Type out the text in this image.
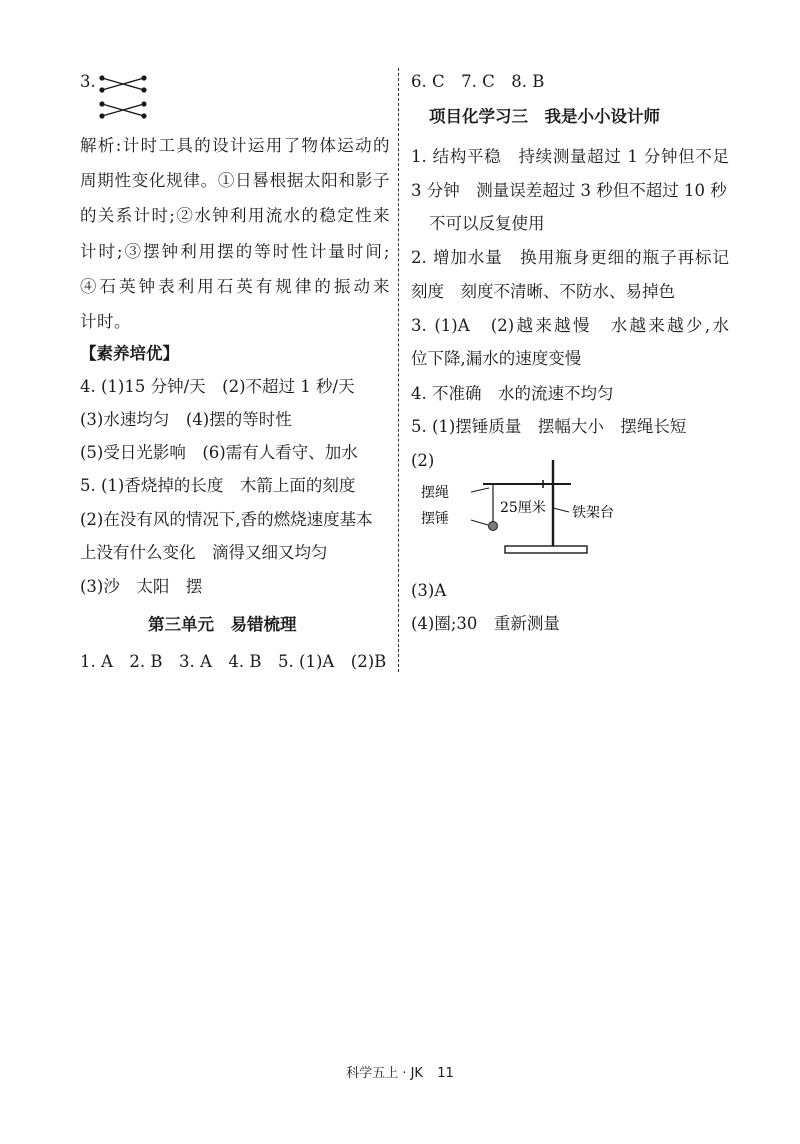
3.
解析:计时工具的设计运用了物体运动的
周期性变化规律。①日晷根据太阳和影子
的关系计时;②水钟利用流水的稳定性来
计时;③摆钟利用摆的等时性计量时间;
④石英钟表利用石英有规律的振动来
计时。
【素养培优】
4. (1)15 分钟/天　(2)不超过 1 秒/天
(3)水速均匀　(4)摆的等时性
(5)受日光影响　(6)需有人看守、加水
5. (1)香烧掉的长度　木箭上面的刻度
(2)在没有风的情况下,香的燃烧速度基本
上没有什么变化　滴得又细又均匀
(3)沙　太阳　摆
第三单元　易错梳理
1. A　2. B　3. A　4. B　5. (1)A　(2)B
6. C　7. C　8. B
项目化学习三　我是小小设计师
1. 结构平稳　持续测量超过 1 分钟但不足
3 分钟　测量误差超过 3 秒但不超过 10 秒
不可以反复使用
2. 增加水量　换用瓶身更细的瓶子再标记
刻度　刻度不清晰、不防水、易掉色
3. (1)A　(2)越来越慢　水越来越少,水
位下降,漏水的速度变慢
4. 不准确　水的流速不均匀
5. (1)摆锤质量　摆幅大小　摆绳长短
(2)
摆绳
摆锤
25厘米 铁架台
(3)A
(4)圈;30　重新测量
科学五上 · JK 11
